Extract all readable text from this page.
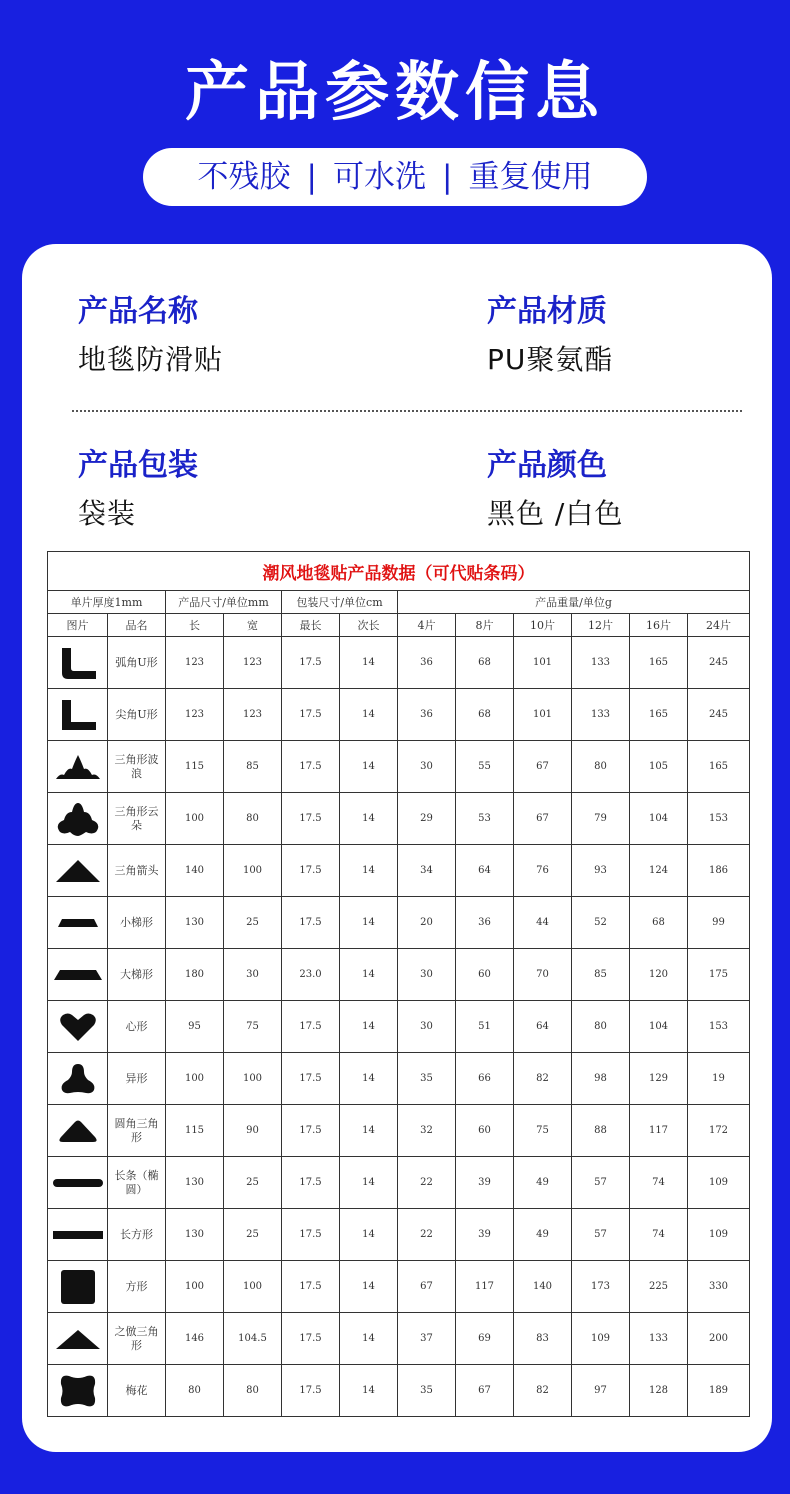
产品参数信息
不残胶 | 可水洗 | 重复使用
产品名称
地毯防滑贴
产品材质
PU聚氨酯
产品包装
袋装
产品颜色
黑色 /白色
潮风地毯贴产品数据（可代贴条码）											
单片厚度1mm		产品尺寸/单位mm		包装尺寸/单位cm		产品重量/单位g					
图片	品名	长	宽	最长	次长	4片	8片	10片	12片	16片	24片

	弧角U形	123	123	17.5	14	36	68	101	133	165	245

	尖角U形	123	123	17.5	14	36	68	101	133	165	245

	三角形波浪	115	85	17.5	14	30	55	67	80	105	165

	三角形云朵	100	80	17.5	14	29	53	67	79	104	153

	三角箭头	140	100	17.5	14	34	64	76	93	124	186

	小梯形	130	25	17.5	14	20	36	44	52	68	99

	大梯形	180	30	23.0	14	30	60	70	85	120	175

	心形	95	75	17.5	14	30	51	64	80	104	153

	异形	100	100	17.5	14	35	66	82	98	129	19

	圆角三角形	115	90	17.5	14	32	60	75	88	117	172

	长条（椭圆）	130	25	17.5	14	22	39	49	57	74	109

	长方形	130	25	17.5	14	22	39	49	57	74	109

	方形	100	100	17.5	14	67	117	140	173	225	330

	之倣三角形	146	104.5	17.5	14	37	69	83	109	133	200

	梅花	80	80	17.5	14	35	67	82	97	128	189
